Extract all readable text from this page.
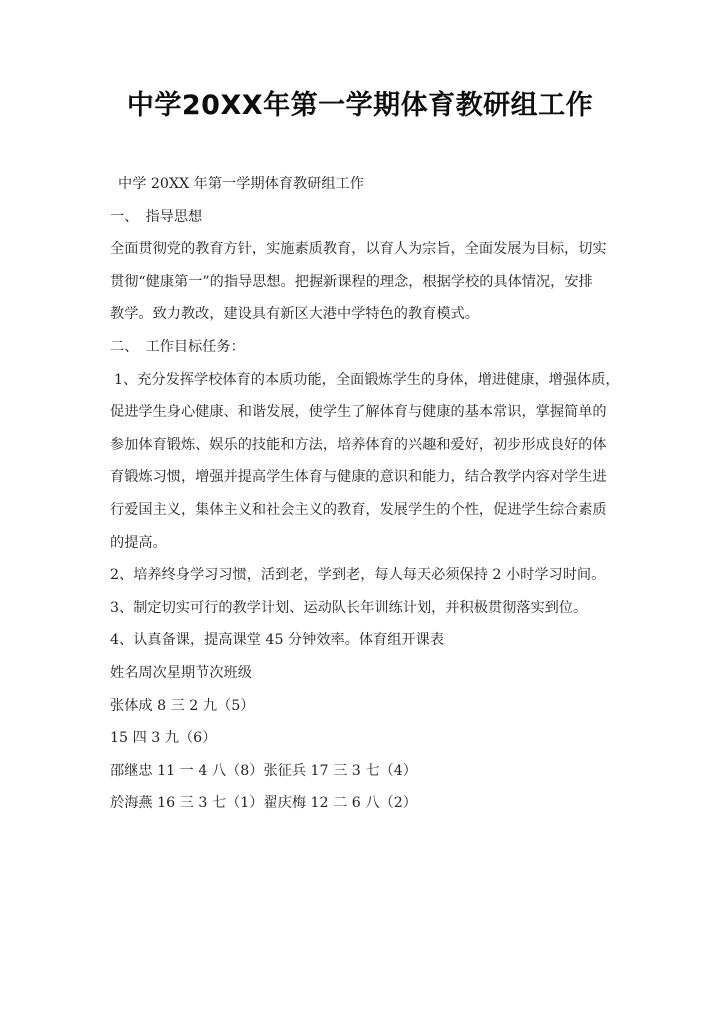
中学20XX年第一学期体育教研组工作
中学 20XX 年第一学期体育教研组工作
一、　指导思想
全面贯彻党的教育方针，实施素质教育，以育人为宗旨，全面发展为目标，切实
贯彻“健康第一”的指导思想。把握新课程的理念，根据学校的具体情况，安排
教学。致力教改，建设具有新区大港中学特色的教育模式。
二、　工作目标任务：
1、充分发挥学校体育的本质功能，全面锻炼学生的身体，增进健康，增强体质，
促进学生身心健康、和谐发展，使学生了解体育与健康的基本常识，掌握简单的
参加体育锻炼、娱乐的技能和方法，培养体育的兴趣和爱好，初步形成良好的体
育锻炼习惯，增强并提高学生体育与健康的意识和能力，结合教学内容对学生进
行爱国主义，集体主义和社会主义的教育，发展学生的个性，促进学生综合素质
的提高。
2、培养终身学习习惯，活到老，学到老，每人每天必须保持 2 小时学习时间。
3、制定切实可行的教学计划、运动队长年训练计划，并积极贯彻落实到位。
4、认真备课，提高课堂 45 分钟效率。体育组开课表
姓名周次星期节次班级
张体成 8 三 2 九（5）
15 四 3 九（6）
邵继忠 11 一 4 八（8）张征兵 17 三 3 七（4）
於海燕 16 三 3 七（1）翟庆梅 12 二 6 八（2）
